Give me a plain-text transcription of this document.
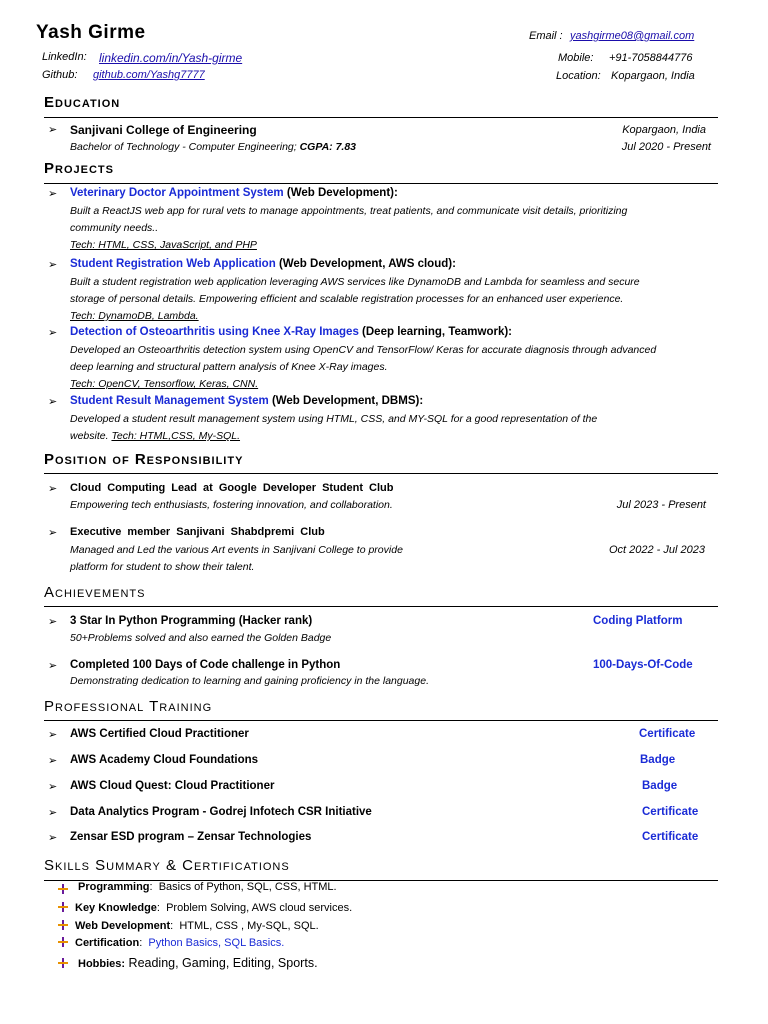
Yash Girme
LinkedIn: linkedin.com/in/Yash-girme
Github: github.com/Yashg7777
Email : yashgirme08@gmail.com
Mobile: +91-7058844776
Location: Kopargaon, India
Education
➢ Sanjivani College of Engineering	Kopargaon, India
Bachelor of Technology - Computer Engineering; CGPA: 7.83	Jul 2020 - Present
Projects
➢ Veterinary Doctor Appointment System (Web Development):
Built a ReactJS web app for rural vets to manage appointments, treat patients, and communicate visit details, prioritizing
community needs..
Tech: HTML, CSS, JavaScript, and PHP
➢ Student Registration Web Application (Web Development, AWS cloud):
Built a student registration web application leveraging AWS services like DynamoDB and Lambda for seamless and secure
storage of personal details. Empowering efficient and scalable registration processes for an enhanced user experience.
Tech: DynamoDB, Lambda.
➢ Detection of Osteoarthritis using Knee X-Ray Images (Deep learning, Teamwork):
Developed an Osteoarthritis detection system using OpenCV and TensorFlow/ Keras for accurate diagnosis through advanced
deep learning and structural pattern analysis of Knee X-Ray images.
Tech: OpenCV, Tensorflow, Keras, CNN.
➢ Student Result Management System (Web Development, DBMS):
Developed a student result management system using HTML, CSS, and MY-SQL for a good representation of the
website. Tech: HTML,CSS, My-SQL.
Position of Responsibility
➢ Cloud Computing Lead at Google Developer Student Club
Empowering tech enthusiasts, fostering innovation, and collaboration.	Jul 2023 - Present
➢ Executive member Sanjivani Shabdpremi Club
Managed and Led the various Art events in Sanjivani College to provide
platform for student to show their talent.
Oct 2022 - Jul 2023
Achievements
➢ 3 Star In Python Programming (Hacker rank)	Coding Platform
50+Problems solved and also earned the Golden Badge
➢ Completed 100 Days of Code challenge in Python	100-Days-Of-Code
Demonstrating dedication to learning and gaining proficiency in the language.
Professional Training
➢ AWS Certified Cloud Practitioner	Certificate
➢ AWS Academy Cloud Foundations	Badge
➢ AWS Cloud Quest: Cloud Practitioner	Badge
➢ Data Analytics Program - Godrej Infotech CSR Initiative	Certificate
➢ Zensar ESD program – Zensar Technologies	Certificate
Skills Summary & Certifications
Programming:  Basics of Python, SQL, CSS, HTML.
Key Knowledge:  Problem Solving, AWS cloud services.
Web Development:  HTML, CSS , My-SQL, SQL.
Certification:  Python Basics, SQL Basics.
Hobbies: Reading, Gaming, Editing, Sports.
